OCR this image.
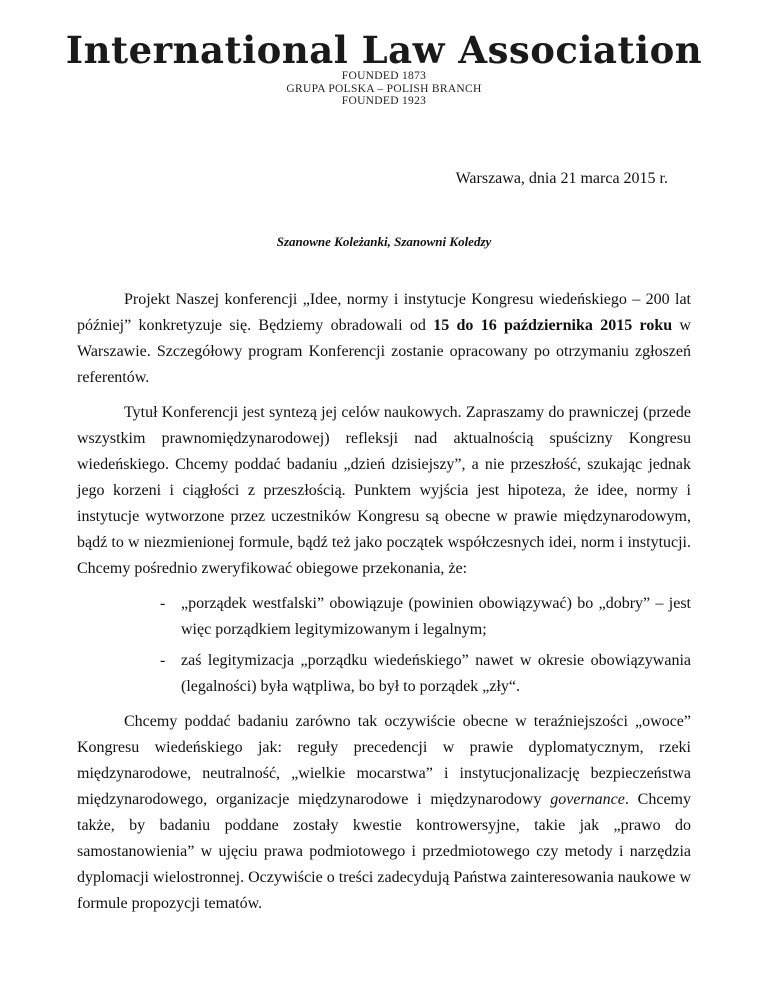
International Law Association
FOUNDED 1873
GRUPA POLSKA – POLISH BRANCH
FOUNDED 1923
Warszawa, dnia 21 marca 2015 r.
Szanowne Koleżanki, Szanowni Koledzy

Projekt Naszej konferencji „Idee, normy i instytucje Kongresu wiedeńskiego – 200 lat później” konkretyzuje się. Będziemy obradowali od 15 do 16 października 2015 roku w Warszawie. Szczegółowy program Konferencji zostanie opracowany po otrzymaniu zgłoszeń referentów.

Tytuł Konferencji jest syntezą jej celów naukowych. Zapraszamy do prawniczej (przede wszystkim prawnomiędzynarodowej) refleksji nad aktualnością spuścizny Kongresu wiedeńskiego. Chcemy poddać badaniu „dzień dzisiejszy”, a nie przeszłość, szukając jednak jego korzeni i ciągłości z przeszłością. Punktem wyjścia jest hipoteza, że idee, normy i instytucje wytworzone przez uczestników Kongresu są obecne w prawie międzynarodowym, bądź to w niezmienionej formule, bądź też jako początek współczesnych idei, norm i instytucji. Chcemy pośrednio zweryfikować obiegowe przekonania, że:

- „porządek westfalski” obowiązuje (powinien obowiązywać) bo „dobry” – jest więc porządkiem legitymizowanym i legalnym;
- zaś legitymizacja „porządku wiedeńskiego” nawet w okresie obowiązywania (legalności) była wątpliwa, bo był to porządek „zły“.

Chcemy poddać badaniu zarówno tak oczywiście obecne w teraźniejszości „owoce” Kongresu wiedeńskiego jak: reguły precedencji w prawie dyplomatycznym, rzeki międzynarodowe, neutralność, „wielkie mocarstwa” i instytucjonalizację bezpieczeństwa międzynarodowego, organizacje międzynarodowe i międzynarodowy governance. Chcemy także, by badaniu poddane zostały kwestie kontrowersyjne, takie jak „prawo do samostanowienia” w ujęciu prawa podmiotowego i przedmiotowego czy metody i narzędzia dyplomacji wielostronnej. Oczywiście o treści zadecydują Państwa zainteresowania naukowe w formule propozycji tematów.
